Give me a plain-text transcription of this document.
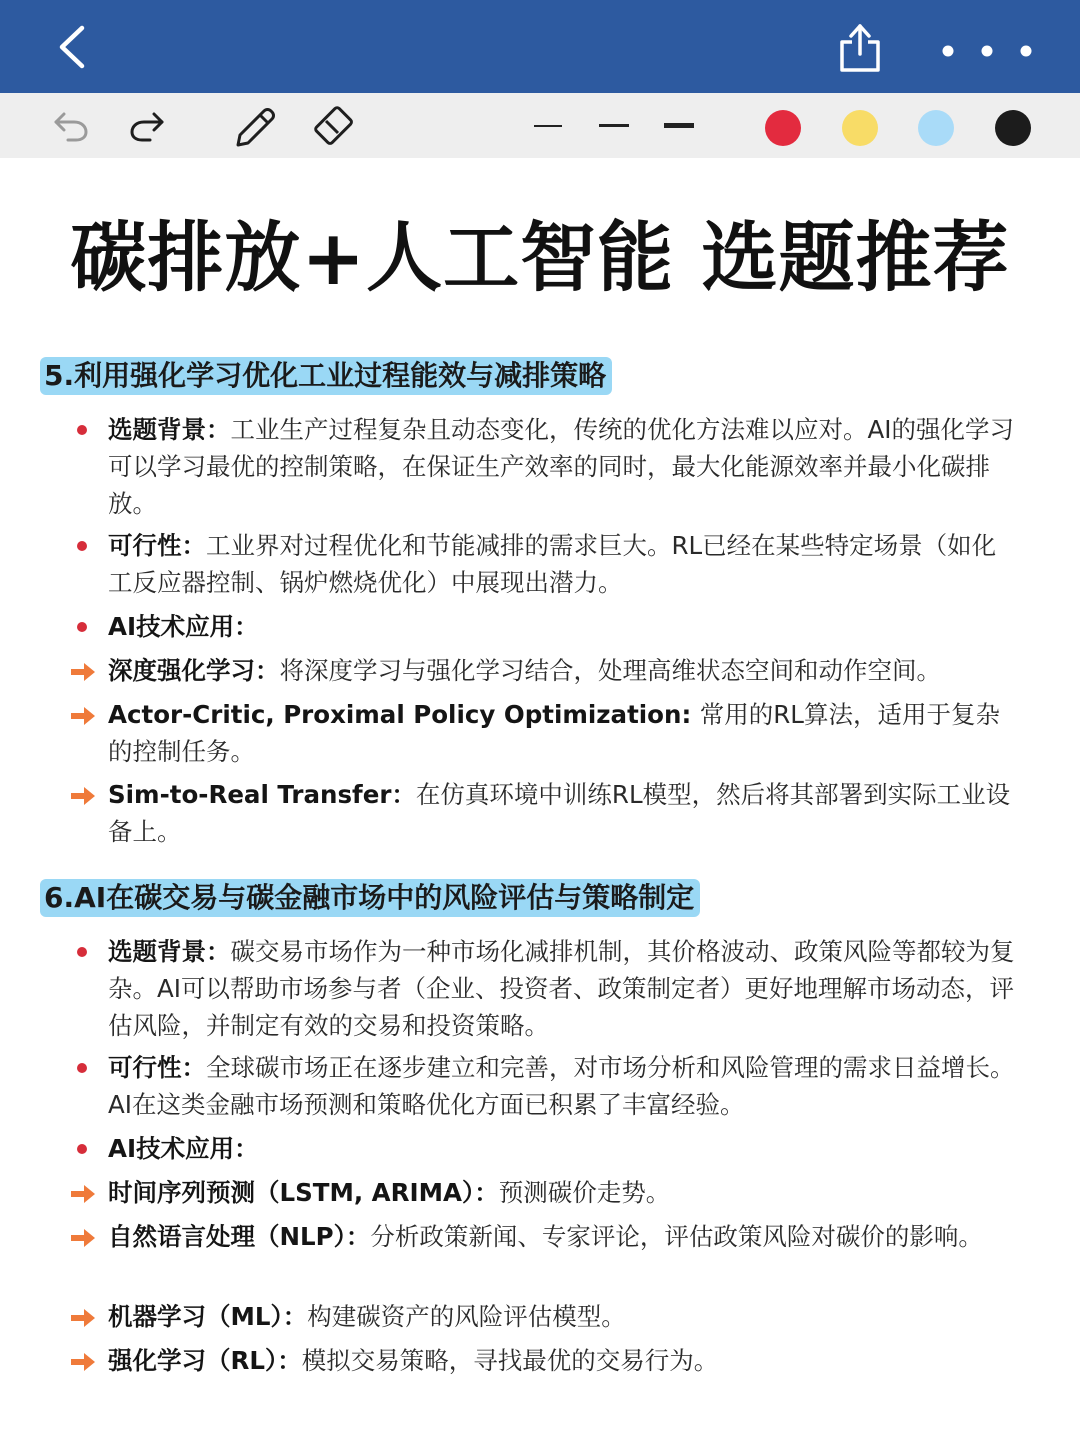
碳排放+人工智能 选题推荐
5.利用强化学习优化工业过程能效与减排策略
选题背景：工业生产过程复杂且动态变化，传统的优化方法难以应对。AI的强化学习可以学习最优的控制策略，在保证生产效率的同时，最大化能源效率并最小化碳排放。
可行性：工业界对过程优化和节能减排的需求巨大。RL已经在某些特定场景（如化工反应器控制、锅炉燃烧优化）中展现出潜力。
AI技术应用：
深度强化学习：将深度学习与强化学习结合，处理高维状态空间和动作空间。
Actor-Critic, Proximal Policy Optimization: 常用的RL算法，适用于复杂的控制任务。
Sim-to-Real Transfer：在仿真环境中训练RL模型，然后将其部署到实际工业设备上。
6.AI在碳交易与碳金融市场中的风险评估与策略制定
选题背景：碳交易市场作为一种市场化减排机制，其价格波动、政策风险等都较为复杂。AI可以帮助市场参与者（企业、投资者、政策制定者）更好地理解市场动态，评估风险，并制定有效的交易和投资策略。
可行性：全球碳市场正在逐步建立和完善，对市场分析和风险管理的需求日益增长。AI在这类金融市场预测和策略优化方面已积累了丰富经验。
AI技术应用：
时间序列预测（LSTM, ARIMA）：预测碳价走势。
自然语言处理（NLP）：分析政策新闻、专家评论，评估政策风险对碳价的影响。
机器学习（ML）：构建碳资产的风险评估模型。
强化学习（RL）：模拟交易策略，寻找最优的交易行为。
